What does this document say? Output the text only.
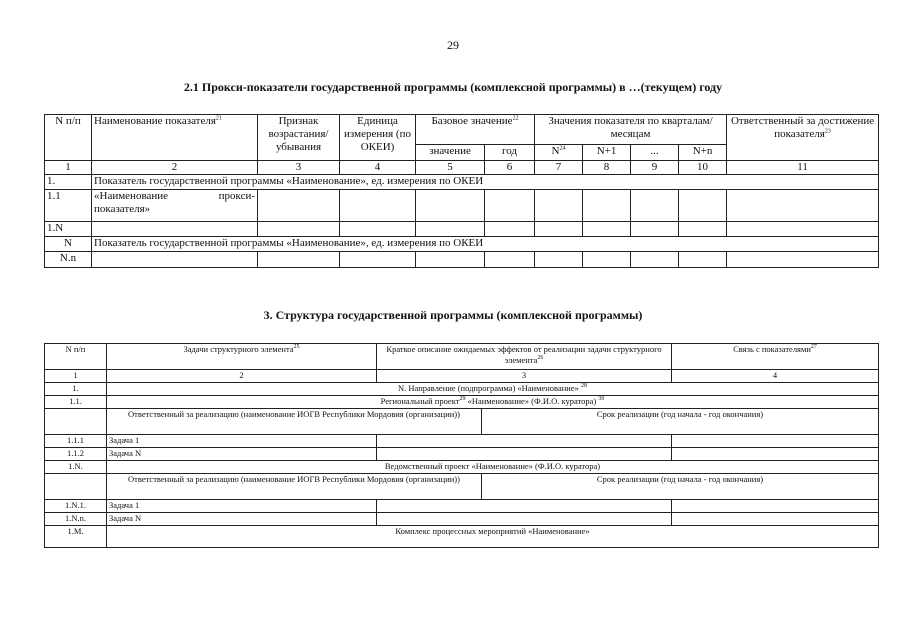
29
2.1 Прокси-показатели государственной программы (комплексной программы) в …(текущем) году
N п/п	Наименование показателя$^{21}$	Признак возрастания/ убывания	Единица измерения (по ОКЕИ)	Базовое значение$^{22}$		Значения показателя по кварталам/ месяцам				Ответственный за достижение показателя$^{23}$
				значение	год	$N^{24}$	N+1	...	N+n	
1	2	3	4	5	6	7	8	9	10	11
1.	Показатель государственной программы «Наименование», ед. измерения по ОКЕИ									
1.1	«Наименование прокси-
показателя»									

1.N										
N	Показатель государственной программы «Наименование», ед. измерения по ОКЕИ									
N.n										
3. Структура государственной программы (комплексной программы)
N п/п	Задачи структурного элемента$^{25}$	Краткое описание ожидаемых эффектов от реализации задачи структурного элемента$^{26}$		Связь с показателями$^{27}$
1	2	3		4
1.	N. Направление (подпрограмма) «Наименование» $^{28}$
1.1.	Региональный проект$^{29}$ «Наименование» (Ф.И.О. куратора) $^{30}$
	Ответственный за реализацию (наименование ИОГВ Республики Мордовия (организации))		Срок реализации (год начала - год окончания)	
1.1.1	Задача 1			
1.1.2	Задача N			
1.N.	Ведомственный проект «Наименование» (Ф.И.О. куратора)			
	Ответственный за реализацию (наименование ИОГВ Республики Мордовия (организации))		Срок реализации (год начала - год окончания)	
1.N.1.	Задача 1			
1.N.n.	Задача N			
1.M.	Комплекс процессных мероприятий «Наименование»			
